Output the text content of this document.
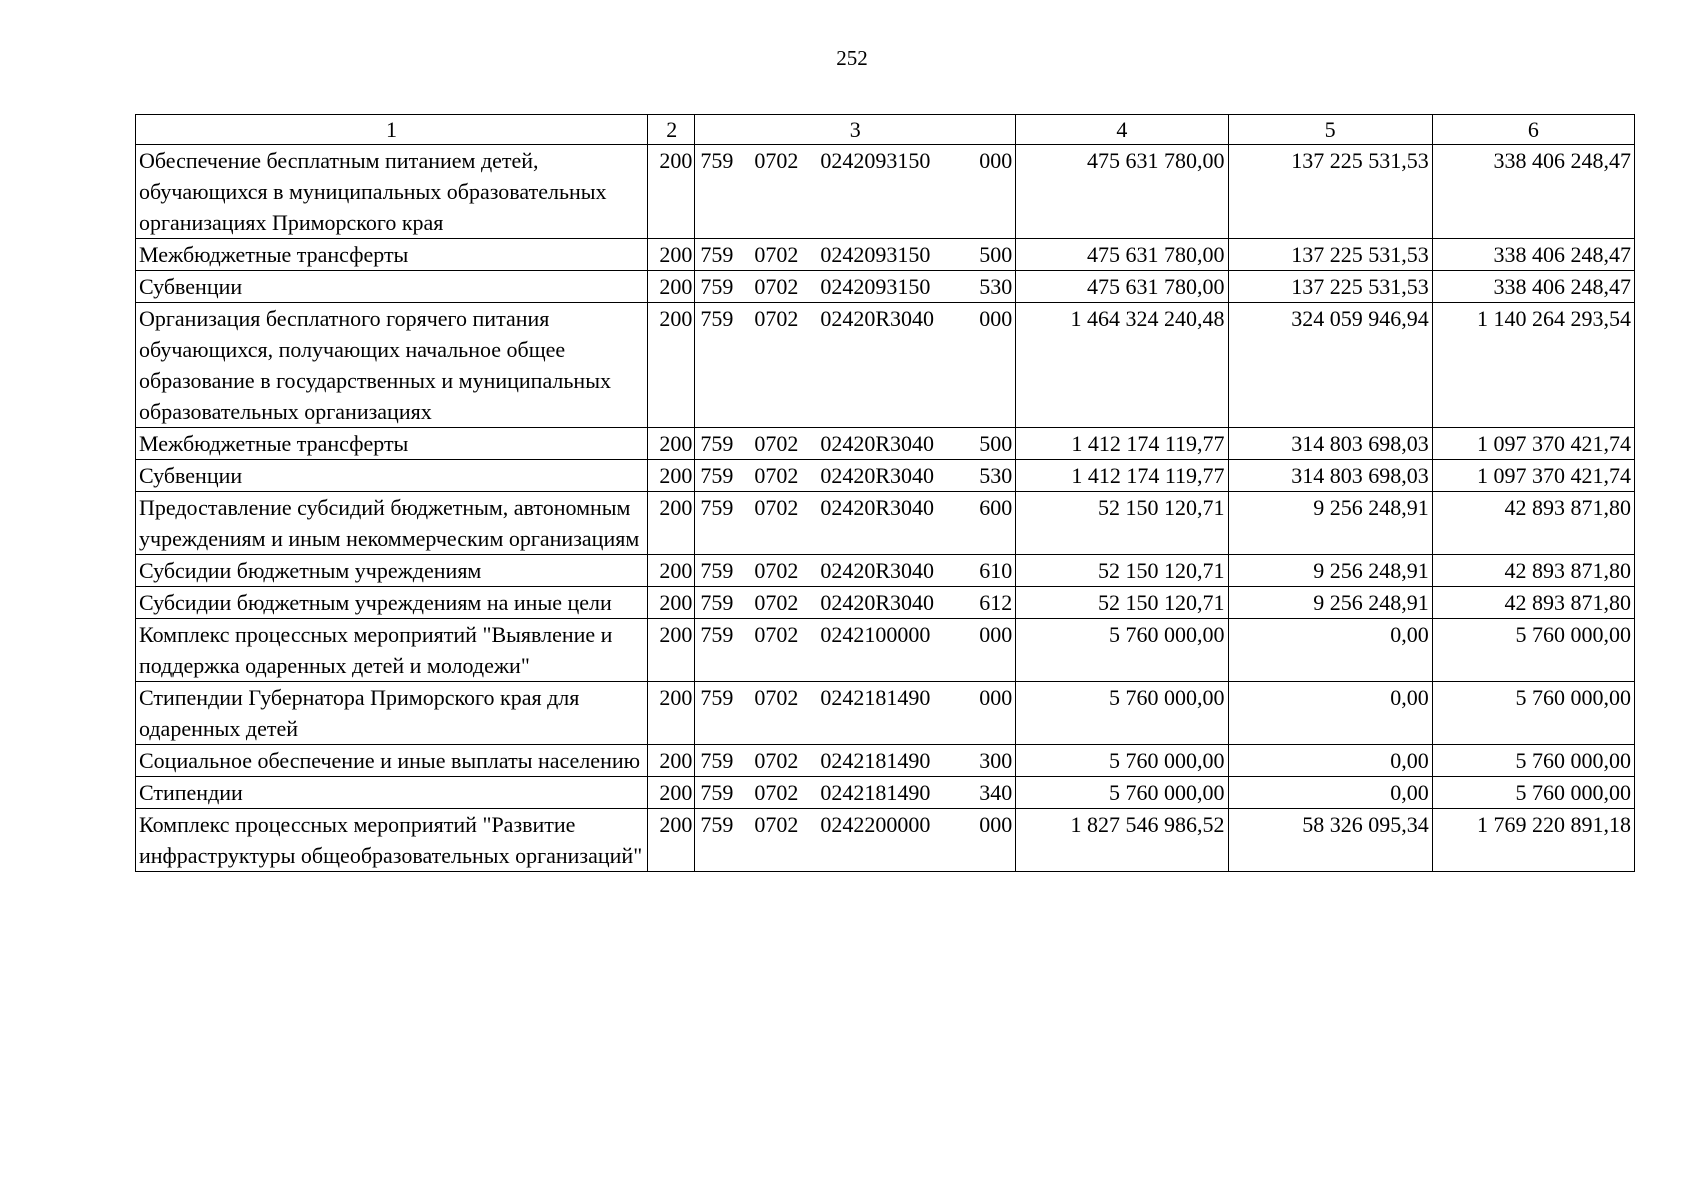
252
1	2	3	4	5	6
Обеспечение бесплатным питанием детей, обучающихся в муниципальных образовательных организациях Приморского края	200	759 0702 0242093150 000	475 631 780,00	137 225 531,53	338 406 248,47
Межбюджетные трансферты	200	759 0702 0242093150 500	475 631 780,00	137 225 531,53	338 406 248,47
Субвенции	200	759 0702 0242093150 530	475 631 780,00	137 225 531,53	338 406 248,47
Организация бесплатного горячего питания обучающихся, получающих начальное общее образование в государственных и муниципальных образовательных организациях	200	759 0702 02420R3040 000	1 464 324 240,48	324 059 946,94	1 140 264 293,54
Межбюджетные трансферты	200	759 0702 02420R3040 500	1 412 174 119,77	314 803 698,03	1 097 370 421,74
Субвенции	200	759 0702 02420R3040 530	1 412 174 119,77	314 803 698,03	1 097 370 421,74
Предоставление субсидий бюджетным, автономным учреждениям и иным некоммерческим организациям	200	759 0702 02420R3040 600	52 150 120,71	9 256 248,91	42 893 871,80
Субсидии бюджетным учреждениям	200	759 0702 02420R3040 610	52 150 120,71	9 256 248,91	42 893 871,80
Субсидии бюджетным учреждениям на иные цели	200	759 0702 02420R3040 612	52 150 120,71	9 256 248,91	42 893 871,80
Комплекс процессных мероприятий "Выявление и поддержка одаренных детей и молодежи"	200	759 0702 0242100000 000	5 760 000,00	0,00	5 760 000,00
Стипендии Губернатора Приморского края для одаренных детей	200	759 0702 0242181490 000	5 760 000,00	0,00	5 760 000,00
Социальное обеспечение и иные выплаты населению	200	759 0702 0242181490 300	5 760 000,00	0,00	5 760 000,00
Стипендии	200	759 0702 0242181490 340	5 760 000,00	0,00	5 760 000,00
Комплекс процессных мероприятий "Развитие инфраструктуры общеобразовательных организаций"	200	759 0702 0242200000 000	1 827 546 986,52	58 326 095,34	1 769 220 891,18
